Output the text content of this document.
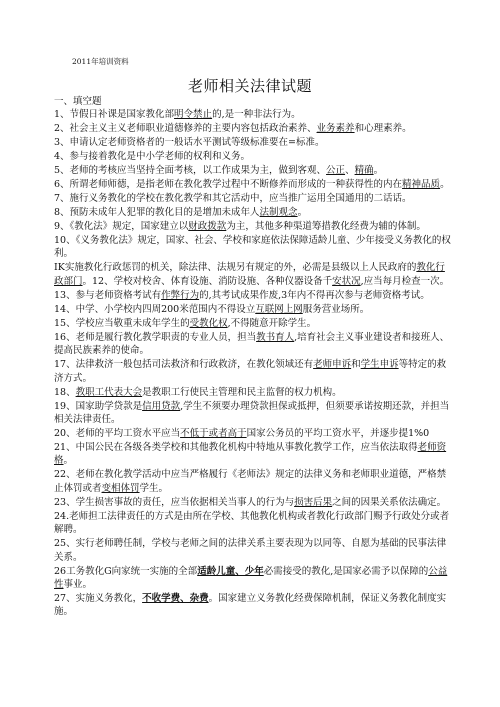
2011年培训资料
老师相关法律试题

一、填空题

1、节假日补课是国家教化部明令禁止的,是一种非法行为。

2、社会主义主义老师职业道德修养的主要内容包括政治素养、业务素养和心理素养。

3、申请认定老师资格者的一般话水平测试等级标准要在=标准。

4、参与接着教化是中小学老师的权利和义务。

5、老师的考核应当坚持全面考核，以工作成果为主，做到客观、公正、精确。

6、所谓老师师德，是指老师在教化教学过程中不断修养而形成的一种获得性的内在精神品质。

7、施行义务教化的学校在教化教学和其它活动中，应当推广运用全国通用的二话话。

8、预防未成年人犯罪的教化目的是增加未成年人法制观念。

9、《教化法》规定，国家建立以财政拨款为主，其他多种渠道筹措教化经费为辅的体制。

10、《义务教化法》规定，国家、社会、学校和家庭依法保障适龄儿童、少年接受义务教化的权利。

IK实施教化行政惩罚的机关，除法律、法规另有规定的外，必需是县级以上人民政府的教化行政部门。12、学校对校舍、体育设施、消防设施、各种仪器设备千安状况,应当每月检查一次。

13、参与老师资格考试有作弊行为的,其考试成果作废,3年内不得再次参与老师资格考试。

14、中学、小学校内四周200米范围内不得设立互联网上网服务营业场所。

15、学校应当敬重未成年学生的受教化权,不得随意开除学生。

16、老师是履行教化教学职责的专业人员，担当教书育人,培育社会主义事业建设者和接班人、提高民族素养的使命。

17、法律救济一般包括司法救济和行政救济，在教化领域还有老师申诉和学生申诉等特定的救济方式。

18、教职工代表大会是教职工行使民主管理和民主监督的权力机构。

19、国家助学贷款是信用贷款,学生不须要办理贷款担保或抵押，但须要承诺按期还款，并担当相关法律责任。

20、老师的平均工资水平应当不低于或者高于国家公务员的平均工资水平，并逐步提1%0

21、中国公民在各级各类学校和其他教化机构中特地从事教化教学工作，应当依法取得老师资格。

22、老师在教化教学活动中应当严格履行《老师法》规定的法律义务和老师职业道德，严格禁止体罚或者变相体罚学生。

23、学生损害事故的责任，应当依据相关当事人的行为与损害后果之间的因果关系依法确定。

24.老师担工法律责任的方式是由所在学校、其他教化机构或者教化行政部门赐予行政处分或者解聘。

25、实行老师聘任制，学校与老师之间的法律关系主要表现为以同等、自愿为基础的民事法律关系。

26工务教化G向家统一实施的全部适龄儿童、少年必需接受的教化,是国家必需予以保障的公益性事业。

27、实施义务教化，不收学费、杂费。国家建立义务教化经费保障机制，保证义务教化制度实施。
